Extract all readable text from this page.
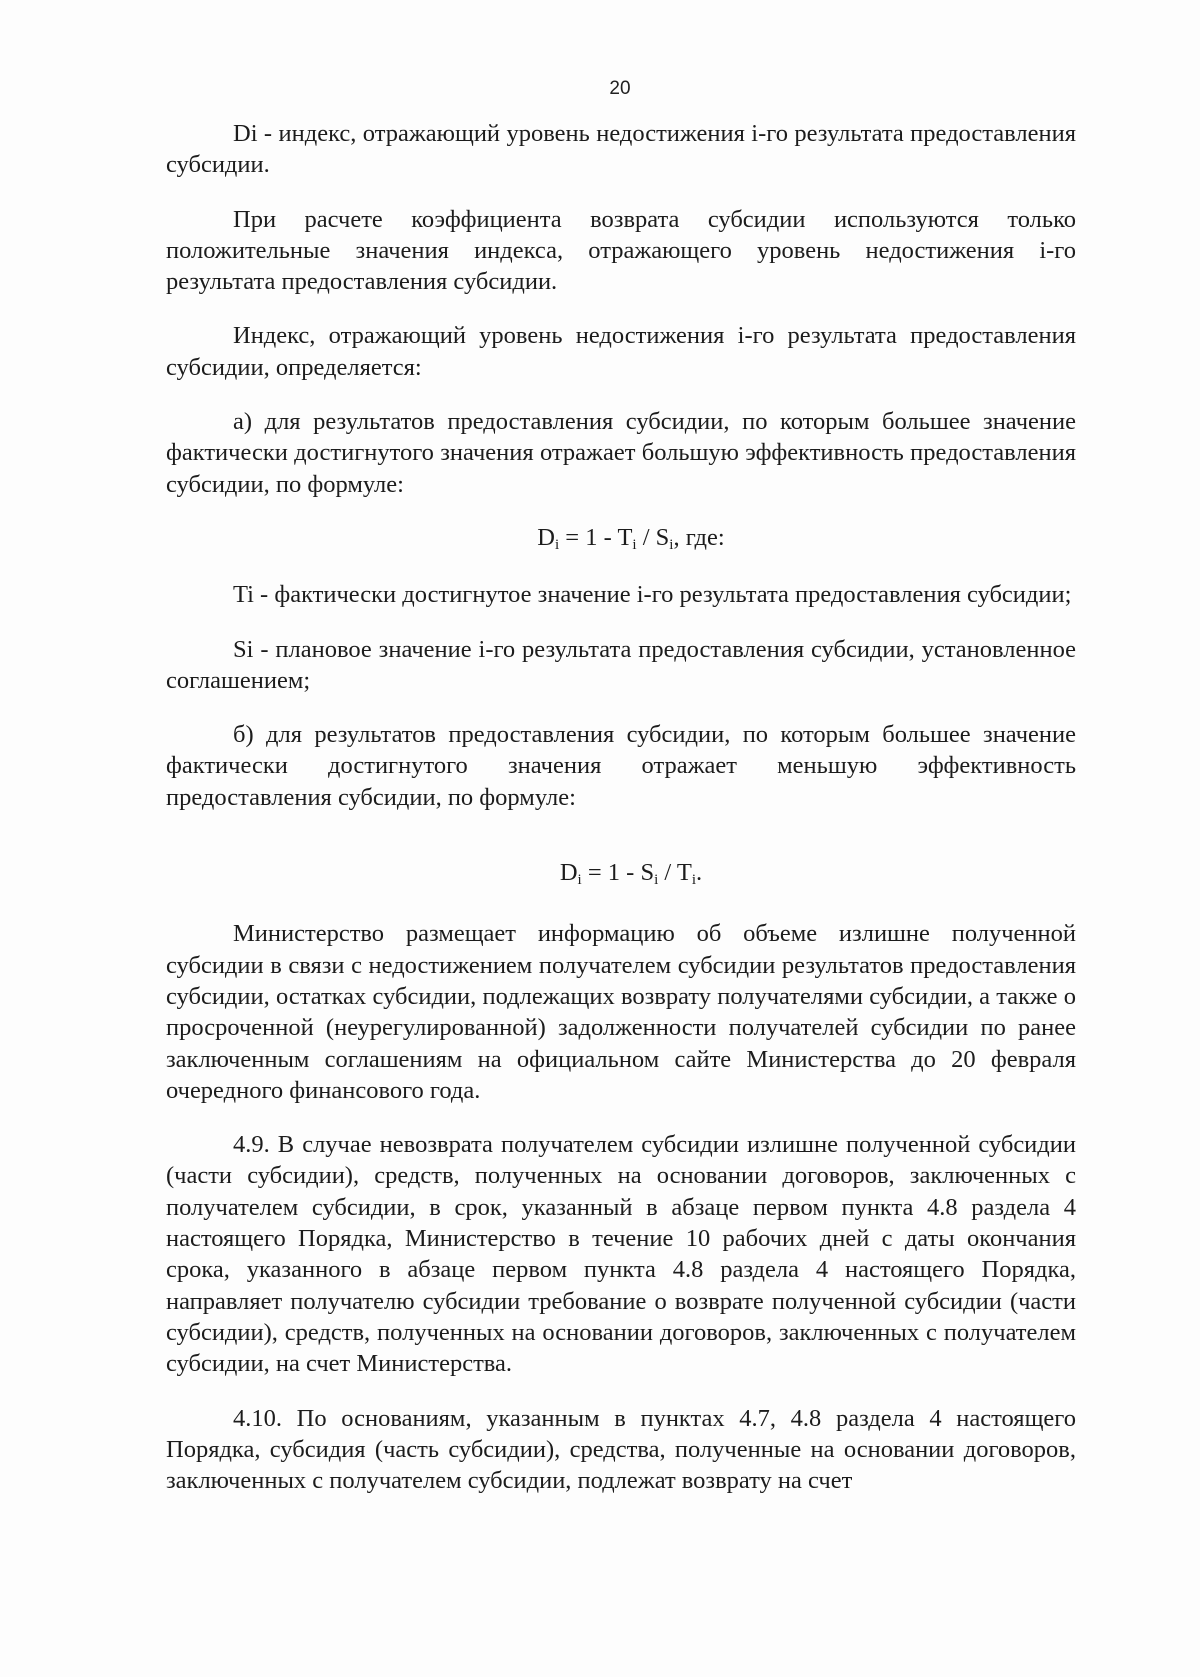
20

Di - индекс, отражающий уровень недостижения i-го результата предоставления субсидии.

При расчете коэффициента возврата субсидии используются только положительные значения индекса, отражающего уровень недостижения i-го результата предоставления субсидии.

Индекс, отражающий уровень недостижения i-го результата предоставления субсидии, определяется:

а) для результатов предоставления субсидии, по которым большее значение фактически достигнутого значения отражает большую эффективность предоставления субсидии, по формуле:

$D_i = 1 - T_i / S_i$, где:

Ti - фактически достигнутое значение i-го результата предоставления субсидии;

Si - плановое значение i-го результата предоставления субсидии, установленное соглашением;

б) для результатов предоставления субсидии, по которым большее значение фактически достигнутого значения отражает меньшую эффективность предоставления субсидии, по формуле:

$D_i = 1 - S_i / T_i$.

Министерство размещает информацию об объеме излишне полученной субсидии в связи с недостижением получателем субсидии результатов предоставления субсидии, остатках субсидии, подлежащих возврату получателями субсидии, а также о просроченной (неурегулированной) задолженности получателей субсидии по ранее заключенным соглашениям на официальном сайте Министерства до 20 февраля очередного финансового года.

4.9. В случае невозврата получателем субсидии излишне полученной субсидии (части субсидии), средств, полученных на основании договоров, заключенных с получателем субсидии, в срок, указанный в абзаце первом пункта 4.8 раздела 4 настоящего Порядка, Министерство в течение 10 рабочих дней с даты окончания срока, указанного в абзаце первом пункта 4.8 раздела 4 настоящего Порядка, направляет получателю субсидии требование о возврате полученной субсидии (части субсидии), средств, полученных на основании договоров, заключенных с получателем субсидии, на счет Министерства.

4.10. По основаниям, указанным в пунктах 4.7, 4.8 раздела 4 настоящего Порядка, субсидия (часть субсидии), средства, полученные на основании договоров, заключенных с получателем субсидии, подлежат возврату на счет
